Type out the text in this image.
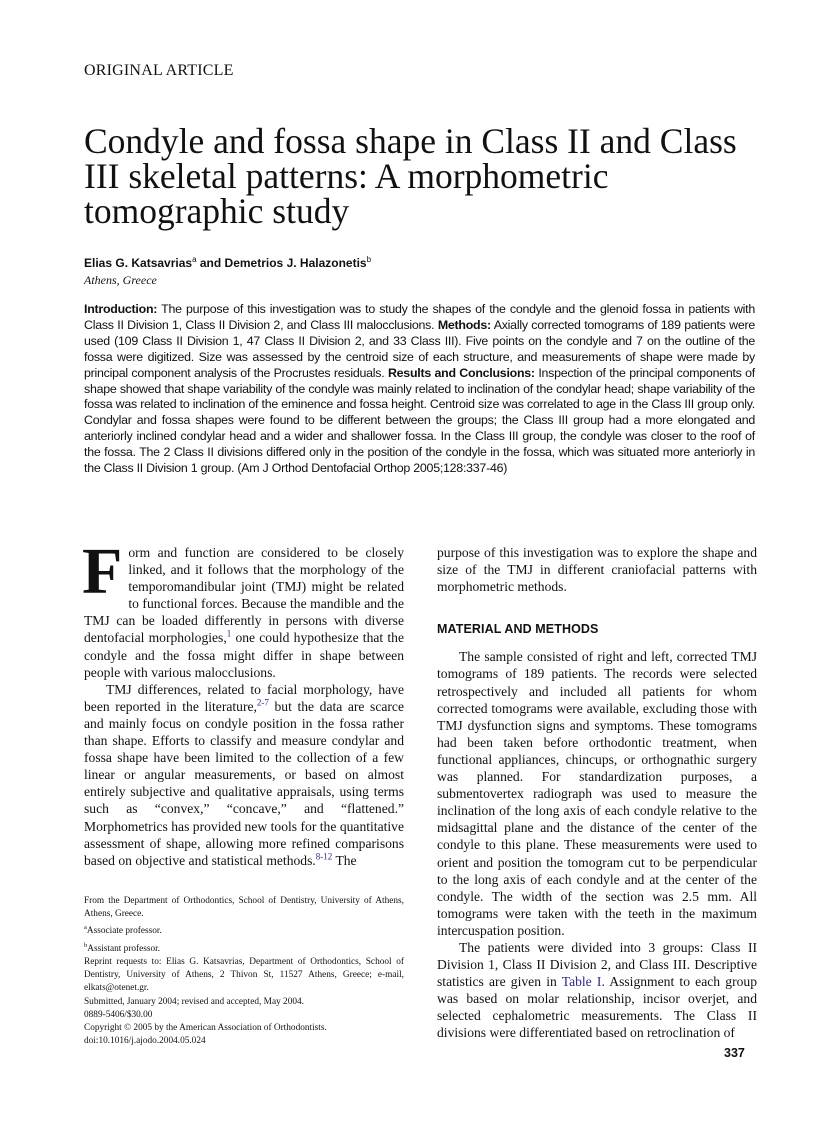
ORIGINAL ARTICLE
Condyle and fossa shape in Class II and Class III skeletal patterns: A morphometric tomographic study
Elias G. Katsavrias$^a$ and Demetrios J. Halazonetis$^b$
Athens, Greece
Introduction: The purpose of this investigation was to study the shapes of the condyle and the glenoid fossa in patients with Class II Division 1, Class II Division 2, and Class III malocclusions. Methods: Axially corrected tomograms of 189 patients were used (109 Class II Division 1, 47 Class II Division 2, and 33 Class III). Five points on the condyle and 7 on the outline of the fossa were digitized. Size was assessed by the centroid size of each structure, and measurements of shape were made by principal component analysis of the Procrustes residuals. Results and Conclusions: Inspection of the principal components of shape showed that shape variability of the condyle was mainly related to inclination of the condylar head; shape variability of the fossa was related to inclination of the eminence and fossa height. Centroid size was correlated to age in the Class III group only. Condylar and fossa shapes were found to be different between the groups; the Class III group had a more elongated and anteriorly inclined condylar head and a wider and shallower fossa. In the Class III group, the condyle was closer to the roof of the fossa. The 2 Class II divisions differed only in the position of the condyle in the fossa, which was situated more anteriorly in the Class II Division 1 group. (Am J Orthod Dentofacial Orthop 2005;128:337-46)

Form and function are considered to be closely linked, and it follows that the morphology of the temporomandibular joint (TMJ) might be related to functional forces. Because the mandible and the TMJ can be loaded differently in persons with diverse dentofacial morphologies,$^1$ one could hypothesize that the condyle and the fossa might differ in shape between people with various malocclusions.

TMJ differences, related to facial morphology, have been reported in the literature,$^{2-7}$ but the data are scarce and mainly focus on condyle position in the fossa rather than shape. Efforts to classify and measure condylar and fossa shape have been limited to the collection of a few linear or angular measurements, or based on almost entirely subjective and qualitative appraisals, using terms such as “convex,” “concave,” and “flattened.” Morphometrics has provided new tools for the quantitative assessment of shape, allowing more refined comparisons based on objective and statistical methods.$^{8-12}$ The

From the Department of Orthodontics, School of Dentistry, University of Athens, Athens, Greece.
$^a$Associate professor.
$^b$Assistant professor.
Reprint requests to: Elias G. Katsavrias, Department of Orthodontics, School of Dentistry, University of Athens, 2 Thivon St, 11527 Athens, Greece; e-mail, elkats@otenet.gr.
Submitted, January 2004; revised and accepted, May 2004.
0889-5406/$30.00
Copyright © 2005 by the American Association of Orthodontists.
doi:10.1016/j.ajodo.2004.05.024

purpose of this investigation was to explore the shape and size of the TMJ in different craniofacial patterns with morphometric methods.

MATERIAL AND METHODS

The sample consisted of right and left, corrected TMJ tomograms of 189 patients. The records were selected retrospectively and included all patients for whom corrected tomograms were available, excluding those with TMJ dysfunction signs and symptoms. These tomograms had been taken before orthodontic treatment, when functional appliances, chincups, or orthognathic surgery was planned. For standardization purposes, a submentovertex radiograph was used to measure the inclination of the long axis of each condyle relative to the midsagittal plane and the distance of the center of the condyle to this plane. These measurements were used to orient and position the tomogram cut to be perpendicular to the long axis of each condyle and at the center of the condyle. The width of the section was 2.5 mm. All tomograms were taken with the teeth in the maximum intercuspation position.

The patients were divided into 3 groups: Class II Division 1, Class II Division 2, and Class III. Descriptive statistics are given in Table I. Assignment to each group was based on molar relationship, incisor overjet, and selected cephalometric measurements. The Class II divisions were differentiated based on retroclination of

337
